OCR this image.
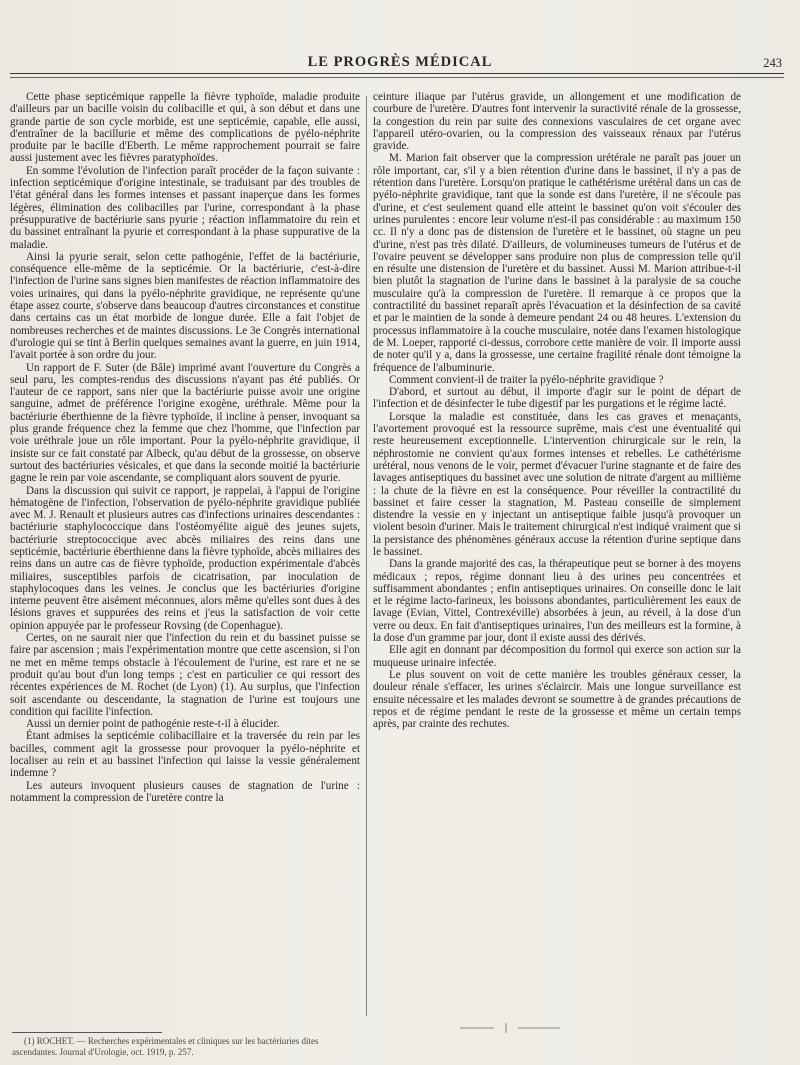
LE PROGRÈS MÉDICAL	243

Cette phase septicémique rappelle la fièvre typhoïde, maladie produite d'ailleurs par un bacille voisin du colibacille et qui, à son début et dans une grande partie de son cycle morbide, est une septicémie, capable, elle aussi, d'entraîner de la bacillurie et même des complications de pyélo-néphrite produite par le bacille d'Eberth. Le même rapprochement pourrait se faire aussi justement avec les fièvres paratyphoïdes.

En somme l'évolution de l'infection paraît procéder de la façon suivante : infection septicémique d'origine intestinale, se traduisant par des troubles de l'état général dans les formes intenses et passant inaperçue dans les formes légères, élimination des colibacilles par l'urine, correspondant à la phase présuppurative de bactériurie sans pyurie ; réaction inflammatoire du rein et du bassinet entraînant la pyurie et correspondant à la phase suppurative de la maladie.

Ainsi la pyurie serait, selon cette pathogénie, l'effet de la bactériurie, conséquence elle-même de la septicémie. Or la bactériurie, c'est-à-dire l'infection de l'urine sans signes bien manifestes de réaction inflammatoire des voies urinaires, qui dans la pyélo-néphrite gravidique, ne représente qu'une étape assez courte, s'observe dans beaucoup d'autres circonstances et constitue dans certains cas un état morbide de longue durée. Elle a fait l'objet de nombreuses recherches et de maintes discussions. Le 3e Congrès international d'urologie qui se tint à Berlin quelques semaines avant la guerre, en juin 1914, l'avait portée à son ordre du jour.

Un rapport de F. Suter (de Bâle) imprimé avant l'ouverture du Congrès a seul paru, les comptes-rendus des discussions n'ayant pas été publiés. Or l'auteur de ce rapport, sans nier que la bactériurie puisse avoir une origine sanguine, admet de préférence l'origine exogène, uréthrale. Même pour la bactériurie éberthienne de la fièvre typhoïde, il incline à penser, invoquant sa plus grande fréquence chez la femme que chez l'homme, que l'infection par voie uréthrale joue un rôle important. Pour la pyélo-néphrite gravidique, il insiste sur ce fait constaté par Albeck, qu'au début de la grossesse, on observe surtout des bactériuries vésicales, et que dans la seconde moitié la bactériurie gagne le rein par voie ascendante, se compliquant alors souvent de pyurie.

Dans la discussion qui suivit ce rapport, je rappelai, à l'appui de l'origine hématogène de l'infection, l'observation de pyélo-néphrite gravidique publiée avec M. J. Renault et plusieurs autres cas d'infections urinaires descendantes : bactériurie staphylococcique dans l'ostéomyélite aiguë des jeunes sujets, bactériurie streptococcique avec abcès miliaires des reins dans une septicémie, bactériurie éberthienne dans la fièvre typhoïde, abcès miliaires des reins dans un autre cas de fièvre typhoïde, production expérimentale d'abcès miliaires, susceptibles parfois de cicatrisation, par inoculation de staphylocoques dans les veines. Je conclus que les bactériuries d'origine interne peuvent être aisément méconnues, alors même qu'elles sont dues à des lésions graves et suppurées des reins et j'eus la satisfaction de voir cette opinion appuyée par le professeur Rovsing (de Copenhague).

Certes, on ne saurait nier que l'infection du rein et du bassinet puisse se faire par ascension ; mais l'expérimentation montre que cette ascension, si l'on ne met en même temps obstacle à l'écoulement de l'urine, est rare et ne se produit qu'au bout d'un long temps ; c'est en particulier ce qui ressort des récentes expériences de M. Rochet (de Lyon) (1). Au surplus, que l'infection soit ascendante ou descendante, la stagnation de l'urine est toujours une condition qui facilite l'infection.

Aussi un dernier point de pathogénie reste-t-il à élucider.

Étant admises la septicémie colibacillaire et la traversée du rein par les bacilles, comment agit la grossesse pour provoquer la pyélo-néphrite et localiser au rein et au bassinet l'infection qui laisse la vessie généralement indemne ?

Les auteurs invoquent plusieurs causes de stagnation de l'urine : notamment la compression de l'uretère contre la

ceinture iliaque par l'utérus gravide, un allongement et une modification de courbure de l'uretère. D'autres font intervenir la suractivité rénale de la grossesse, la congestion du rein par suite des connexions vasculaires de cet organe avec l'appareil utéro-ovarien, ou la compression des vaisseaux rénaux par l'utérus gravide.

M. Marion fait observer que la compression urétérale ne paraît pas jouer un rôle important, car, s'il y a bien rétention d'urine dans le bassinet, il n'y a pas de rétention dans l'uretère. Lorsqu'on pratique le cathétérisme urétéral dans un cas de pyélo-néphrite gravidique, tant que la sonde est dans l'uretère, il ne s'écoule pas d'urine, et c'est seulement quand elle atteint le bassinet qu'on voit s'écouler des urines purulentes : encore leur volume n'est-il pas considérable : au maximum 150 cc. Il n'y a donc pas de distension de l'uretère et le bassinet, où stagne un peu d'urine, n'est pas très dilaté. D'ailleurs, de volumineuses tumeurs de l'utérus et de l'ovaire peuvent se développer sans produire non plus de compression telle qu'il en résulte une distension de l'uretère et du bassinet. Aussi M. Marion attribue-t-il bien plutôt la stagnation de l'urine dans le bassinet à la paralysie de sa couche musculaire qu'à la compression de l'uretère. Il remarque à ce propos que la contractilité du bassinet reparaît après l'évacuation et la désinfection de sa cavité et par le maintien de la sonde à demeure pendant 24 ou 48 heures. L'extension du processus inflammatoire à la couche musculaire, notée dans l'examen histologique de M. Loeper, rapporté ci-dessus, corrobore cette manière de voir. Il importe aussi de noter qu'il y a, dans la grossesse, une certaine fragilité rénale dont témoigne la fréquence de l'albuminurie.

Comment convient-il de traiter la pyélo-néphrite gravidique ?

D'abord, et surtout au début, il importe d'agir sur le point de départ de l'infection et de désinfecter le tube digestif par les purgations et le régime lacté.

Lorsque la maladie est constituée, dans les cas graves et menaçants, l'avortement provoqué est la ressource suprême, mais c'est une éventualité qui reste heureusement exceptionnelle. L'intervention chirurgicale sur le rein, la néphrostomie ne convient qu'aux formes intenses et rebelles. Le cathétérisme urétéral, nous venons de le voir, permet d'évacuer l'urine stagnante et de faire des lavages antiseptiques du bassinet avec une solution de nitrate d'argent au millième : la chute de la fièvre en est la conséquence. Pour réveiller la contractilité du bassinet et faire cesser la stagnation, M. Pasteau conseille de simplement distendre la vessie en y injectant un antiseptique faible jusqu'à provoquer un violent besoin d'uriner. Mais le traitement chirurgical n'est indiqué vraiment que si la persistance des phénomènes généraux accuse la rétention d'urine septique dans le bassinet.

Dans la grande majorité des cas, la thérapeutique peut se borner à des moyens médicaux ; repos, régime donnant lieu à des urines peu concentrées et suffisamment abondantes ; enfin antiseptiques urinaires. On conseille donc le lait et le régime lacto-farineux, les boissons abondantes, particulièrement les eaux de lavage (Evian, Vittel, Contrexéville) absorbées à jeun, au réveil, à la dose d'un verre ou deux. En fait d'antiseptiques urinaires, l'un des meilleurs est la formine, à la dose d'un gramme par jour, dont il existe aussi des dérivés.

Elle agit en donnant par décomposition du formol qui exerce son action sur la muqueuse urinaire infectée.

Le plus souvent on voit de cette manière les troubles généraux cesser, la douleur rénale s'effacer, les urines s'éclaircir. Mais une longue surveillance est ensuite nécessaire et les malades devront se soumettre à de grandes précautions de repos et de régime pendant le reste de la grossesse et même un certain temps après, par crainte des rechutes.

(1) ROCHET. — Recherches expérimentales et cliniques sur les bactériuries dites ascendantes. Journal d'Urologie, oct. 1919, p. 257.
